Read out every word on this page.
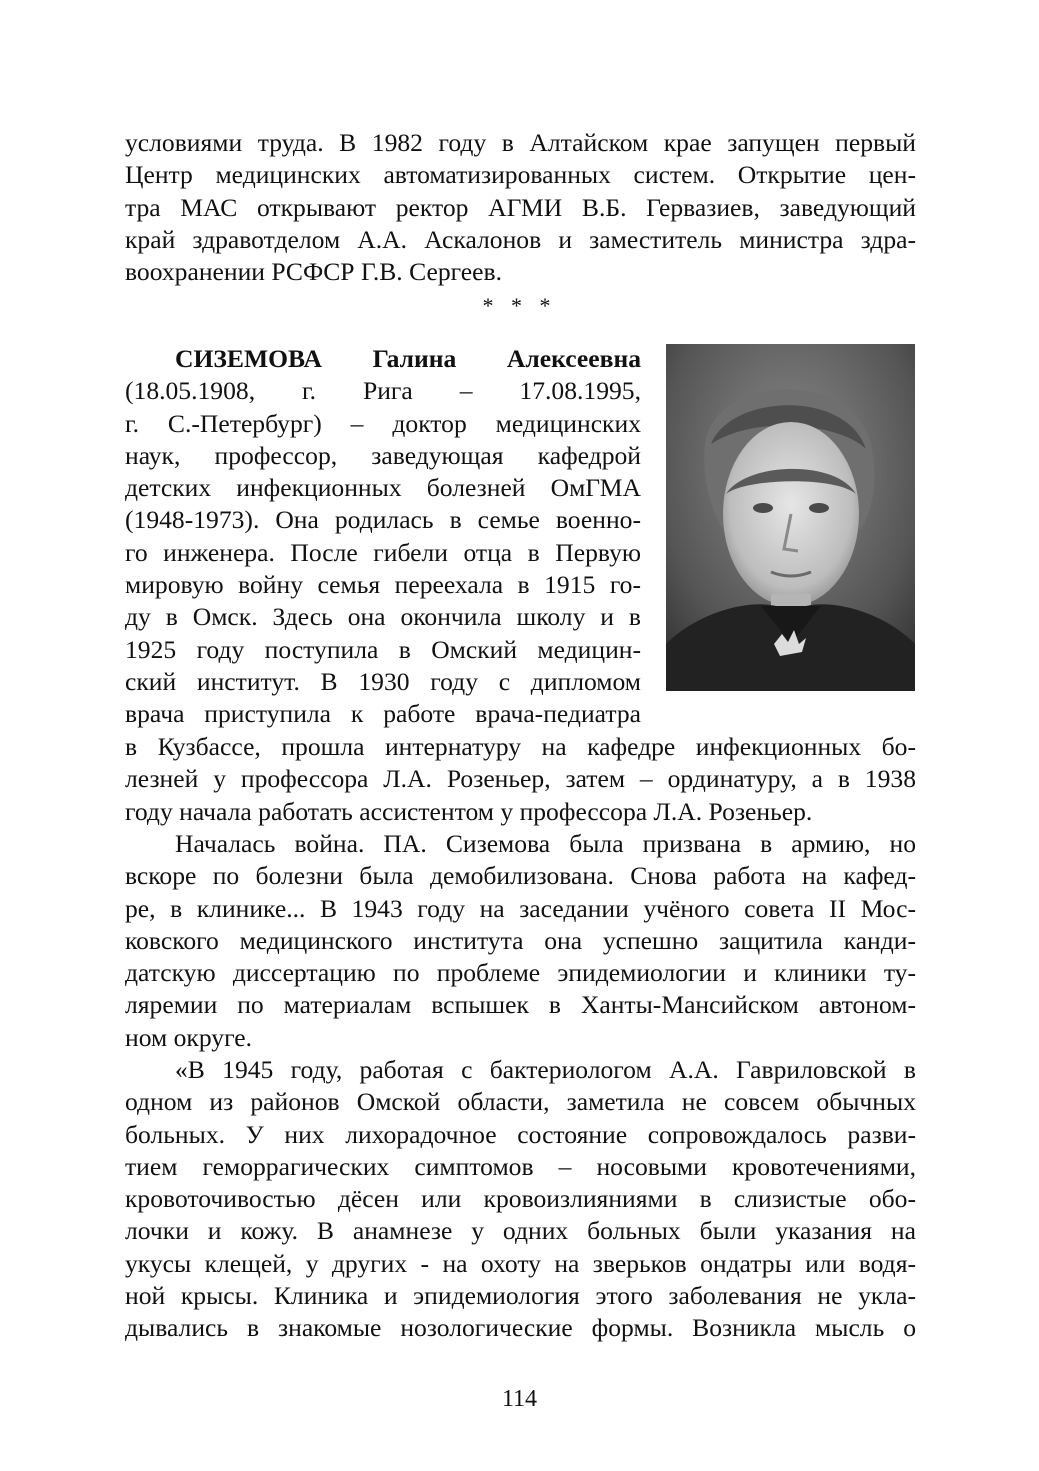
условиями труда. В 1982 году в Алтайском крае запущен первый
Центр медицинских автоматизированных систем. Открытие цен-
тра МАС открывают ректор АГМИ В.Б. Гервазиев, заведующий
край здравотделом А.А. Аскалонов и заместитель министра здра-
воохранении РСФСР Г.В. Сергеев.
* * *
СИЗЕМОВА Галина Алексеевна
(18.05.1908, г. Рига – 17.08.1995,
г. С.-Петербург) – доктор медицинских
наук, профессор, заведующая кафедрой
детских инфекционных болезней ОмГМА
(1948-1973). Она родилась в семье военно-
го инженера. После гибели отца в Первую
мировую войну семья переехала в 1915 го-
ду в Омск. Здесь она окончила школу и в
1925 году поступила в Омский медицин-
ский институт. В 1930 году с дипломом
врача приступила к работе врача-педиатра
в Кузбассе, прошла интернатуру на кафедре инфекционных бо-
лезней у профессора Л.А. Розеньер, затем – ординатуру, а в 1938
году начала работать ассистентом у профессора Л.А. Розеньер.
Началась война. ПА. Сиземова была призвана в армию, но
вскоре по болезни была демобилизована. Снова работа на кафед-
ре, в клинике... В 1943 году на заседании учёного совета II Мос-
ковского медицинского института она успешно защитила канди-
датскую диссертацию по проблеме эпидемиологии и клиники ту-
ляремии по материалам вспышек в Ханты-Мансийском автоном-
ном округе.
«В 1945 году, работая с бактериологом А.А. Гавриловской в
одном из районов Омской области, заметила не совсем обычных
больных. У них лихорадочное состояние сопровождалось разви-
тием геморрагических симптомов – носовыми кровотечениями,
кровоточивостью дёсен или кровоизлияниями в слизистые обо-
лочки и кожу. В анамнезе у одних больных были указания на
укусы клещей, у других - на охоту на зверьков ондатры или водя-
ной крысы. Клиника и эпидемиология этого заболевания не укла-
дывались в знакомые нозологические формы. Возникла мысль о
114
